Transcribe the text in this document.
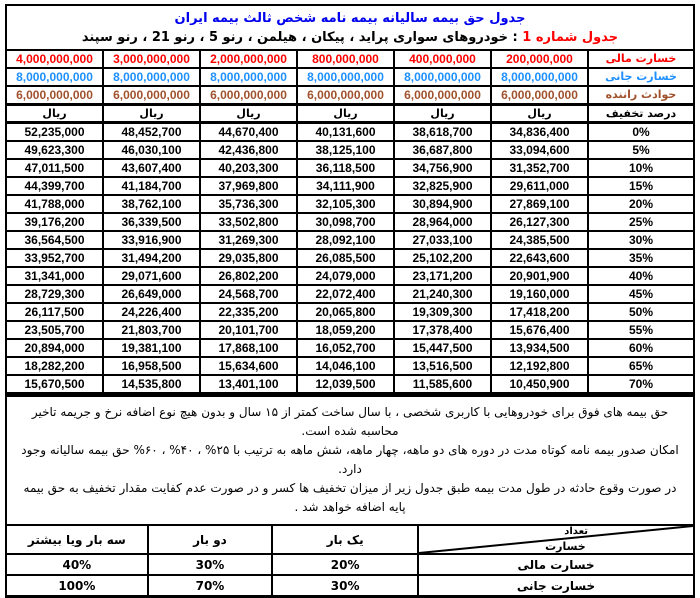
جدول حق بیمه سالیانه بیمه نامه شخص ثالث بیمه ایران
جدول شماره 1 : خودروهای سواری پراید ، پیکان ، هیلمن ، رنو 5 ، رنو 21 ، رنو سپند
4,000,000,000	3,000,000,000	2,000,000,000	800,000,000	400,000,000	200,000,000	خسارت مالی
8,000,000,000	8,000,000,000	8,000,000,000	8,000,000,000	8,000,000,000	8,000,000,000	خسارت جانی
6,000,000,000	6,000,000,000	6,000,000,000	6,000,000,000	6,000,000,000	6,000,000,000	حوادث راننده
ریال	ریال	ریال	ریال	ریال	ریال	درصد تخفیف
52,235,000	48,452,700	44,670,400	40,131,600	38,618,700	34,836,400	0%
49,623,300	46,030,100	42,436,800	38,125,100	36,687,800	33,094,600	5%
47,011,500	43,607,400	40,203,300	36,118,500	34,756,900	31,352,700	10%
44,399,700	41,184,700	37,969,800	34,111,900	32,825,900	29,611,000	15%
41,788,000	38,762,100	35,736,300	32,105,300	30,894,900	27,869,100	20%
39,176,200	36,339,500	33,502,800	30,098,700	28,964,000	26,127,300	25%
36,564,500	33,916,900	31,269,300	28,092,100	27,033,100	24,385,500	30%
33,952,700	31,494,200	29,035,800	26,085,500	25,102,200	22,643,600	35%
31,341,000	29,071,600	26,802,200	24,079,000	23,171,200	20,901,900	40%
28,729,300	26,649,000	24,568,700	22,072,400	21,240,300	19,160,000	45%
26,117,500	24,226,400	22,335,200	20,065,800	19,309,300	17,418,200	50%
23,505,700	21,803,700	20,101,700	18,059,200	17,378,400	15,676,400	55%
20,894,000	19,381,100	17,868,100	16,052,700	15,447,500	13,934,500	60%
18,282,200	16,958,500	15,634,600	14,046,100	13,516,500	12,192,800	65%
15,670,500	14,535,800	13,401,100	12,039,500	11,585,600	10,450,900	70%
حق بیمه های فوق برای خودروهایی با کاربری شخصی ، با سال ساخت کمتر از ۱۵ سال و بدون هیچ نوع اضافه نرخ و جریمه تاخیر محاسبه شده است.
امکان صدور بیمه نامه کوتاه مدت در دوره های دو ماهه، چهار ماهه، شش ماهه به ترتیب با ۲۵% ، ۴۰% ، ۶۰% حق بیمه سالیانه وجود دارد.
در صورت وقوع حادثه در طول مدت بیمه طبق جدول زیر از میزان تخفیف ها کسر و در صورت عدم کفایت مقدار تخفیف به حق بیمه پایه اضافه خواهد شد .
سه بار ویا بیشتر	دو بار	یک بار	تعداد
خسارت

40%	30%	20%	خسارت مالی
100%	70%	30%	خسارت جانی
